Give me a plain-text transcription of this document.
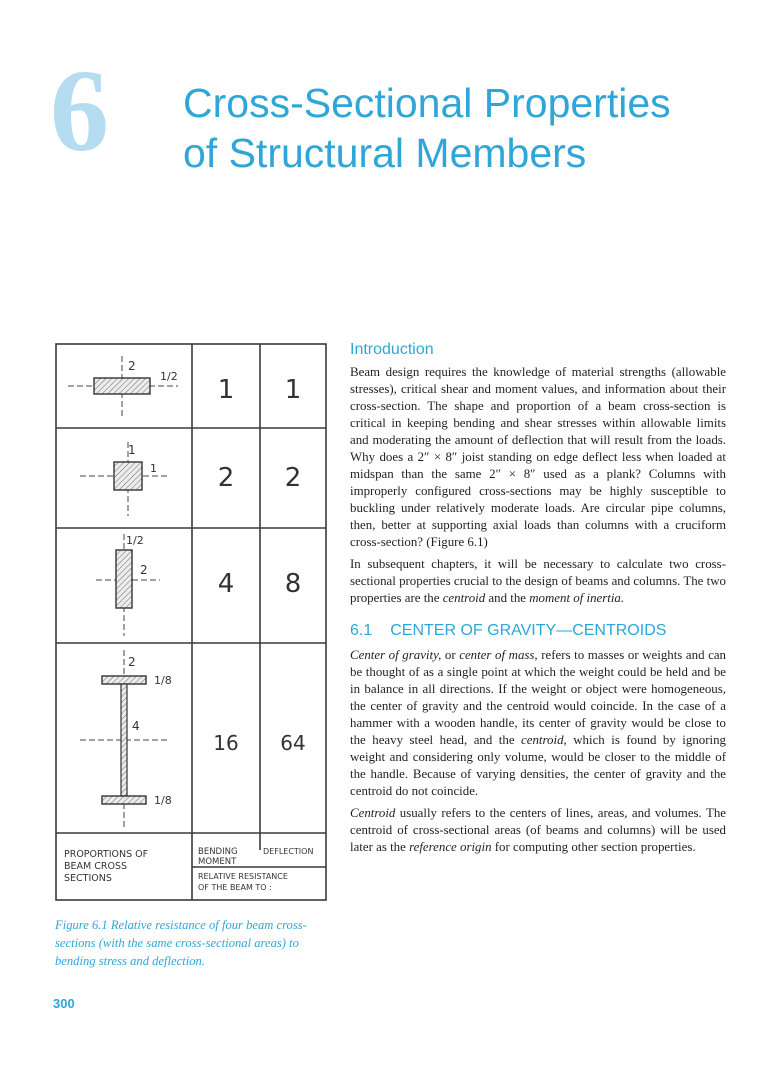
6 Cross-Sectional Properties
of Structural Members
2
1/2 1 1
1
1 2 2
1/2
2	4 8
2
1/8
4
1/8
16 64
PROPORTIONS OF
BEAM CROSS
SECTIONS
BENDING
MOMENT
DEFLECTION
RELATIVE RESISTANCE
OF THE BEAM TO :
Figure 6.1 Relative resistance of four beam cross-sections (with the same cross-sectional areas) to bending stress and deflection.
300
Introduction

Beam design requires the knowledge of material strengths (allowable stresses), critical shear and moment values, and information about their cross-section. The shape and proportion of a beam cross-section is critical in keeping bending and shear stresses within allowable limits and moderating the amount of deflection that will result from the loads. Why does a 2″ × 8″ joist standing on edge deflect less when loaded at midspan than the same 2″ × 8″ used as a plank? Columns with improperly configured cross-sections may be highly susceptible to buckling under relatively moderate loads. Are circular pipe columns, then, better at supporting axial loads than columns with a cruciform cross-section? (Figure 6.1)

In subsequent chapters, it will be necessary to calculate two cross-sectional properties crucial to the design of beams and columns. The two properties are the centroid and the moment of inertia.

6.1 CENTER OF GRAVITY—CENTROIDS

Center of gravity, or center of mass, refers to masses or weights and can be thought of as a single point at which the weight could be held and be in balance in all directions. If the weight or object were homogeneous, the center of gravity and the centroid would coincide. In the case of a hammer with a wooden handle, its center of gravity would be close to the heavy steel head, and the centroid, which is found by ignoring weight and considering only volume, would be closer to the middle of the handle. Because of varying densities, the center of gravity and the centroid do not coincide.

Centroid usually refers to the centers of lines, areas, and volumes. The centroid of cross-sectional areas (of beams and columns) will be used later as the reference origin for computing other section properties.
